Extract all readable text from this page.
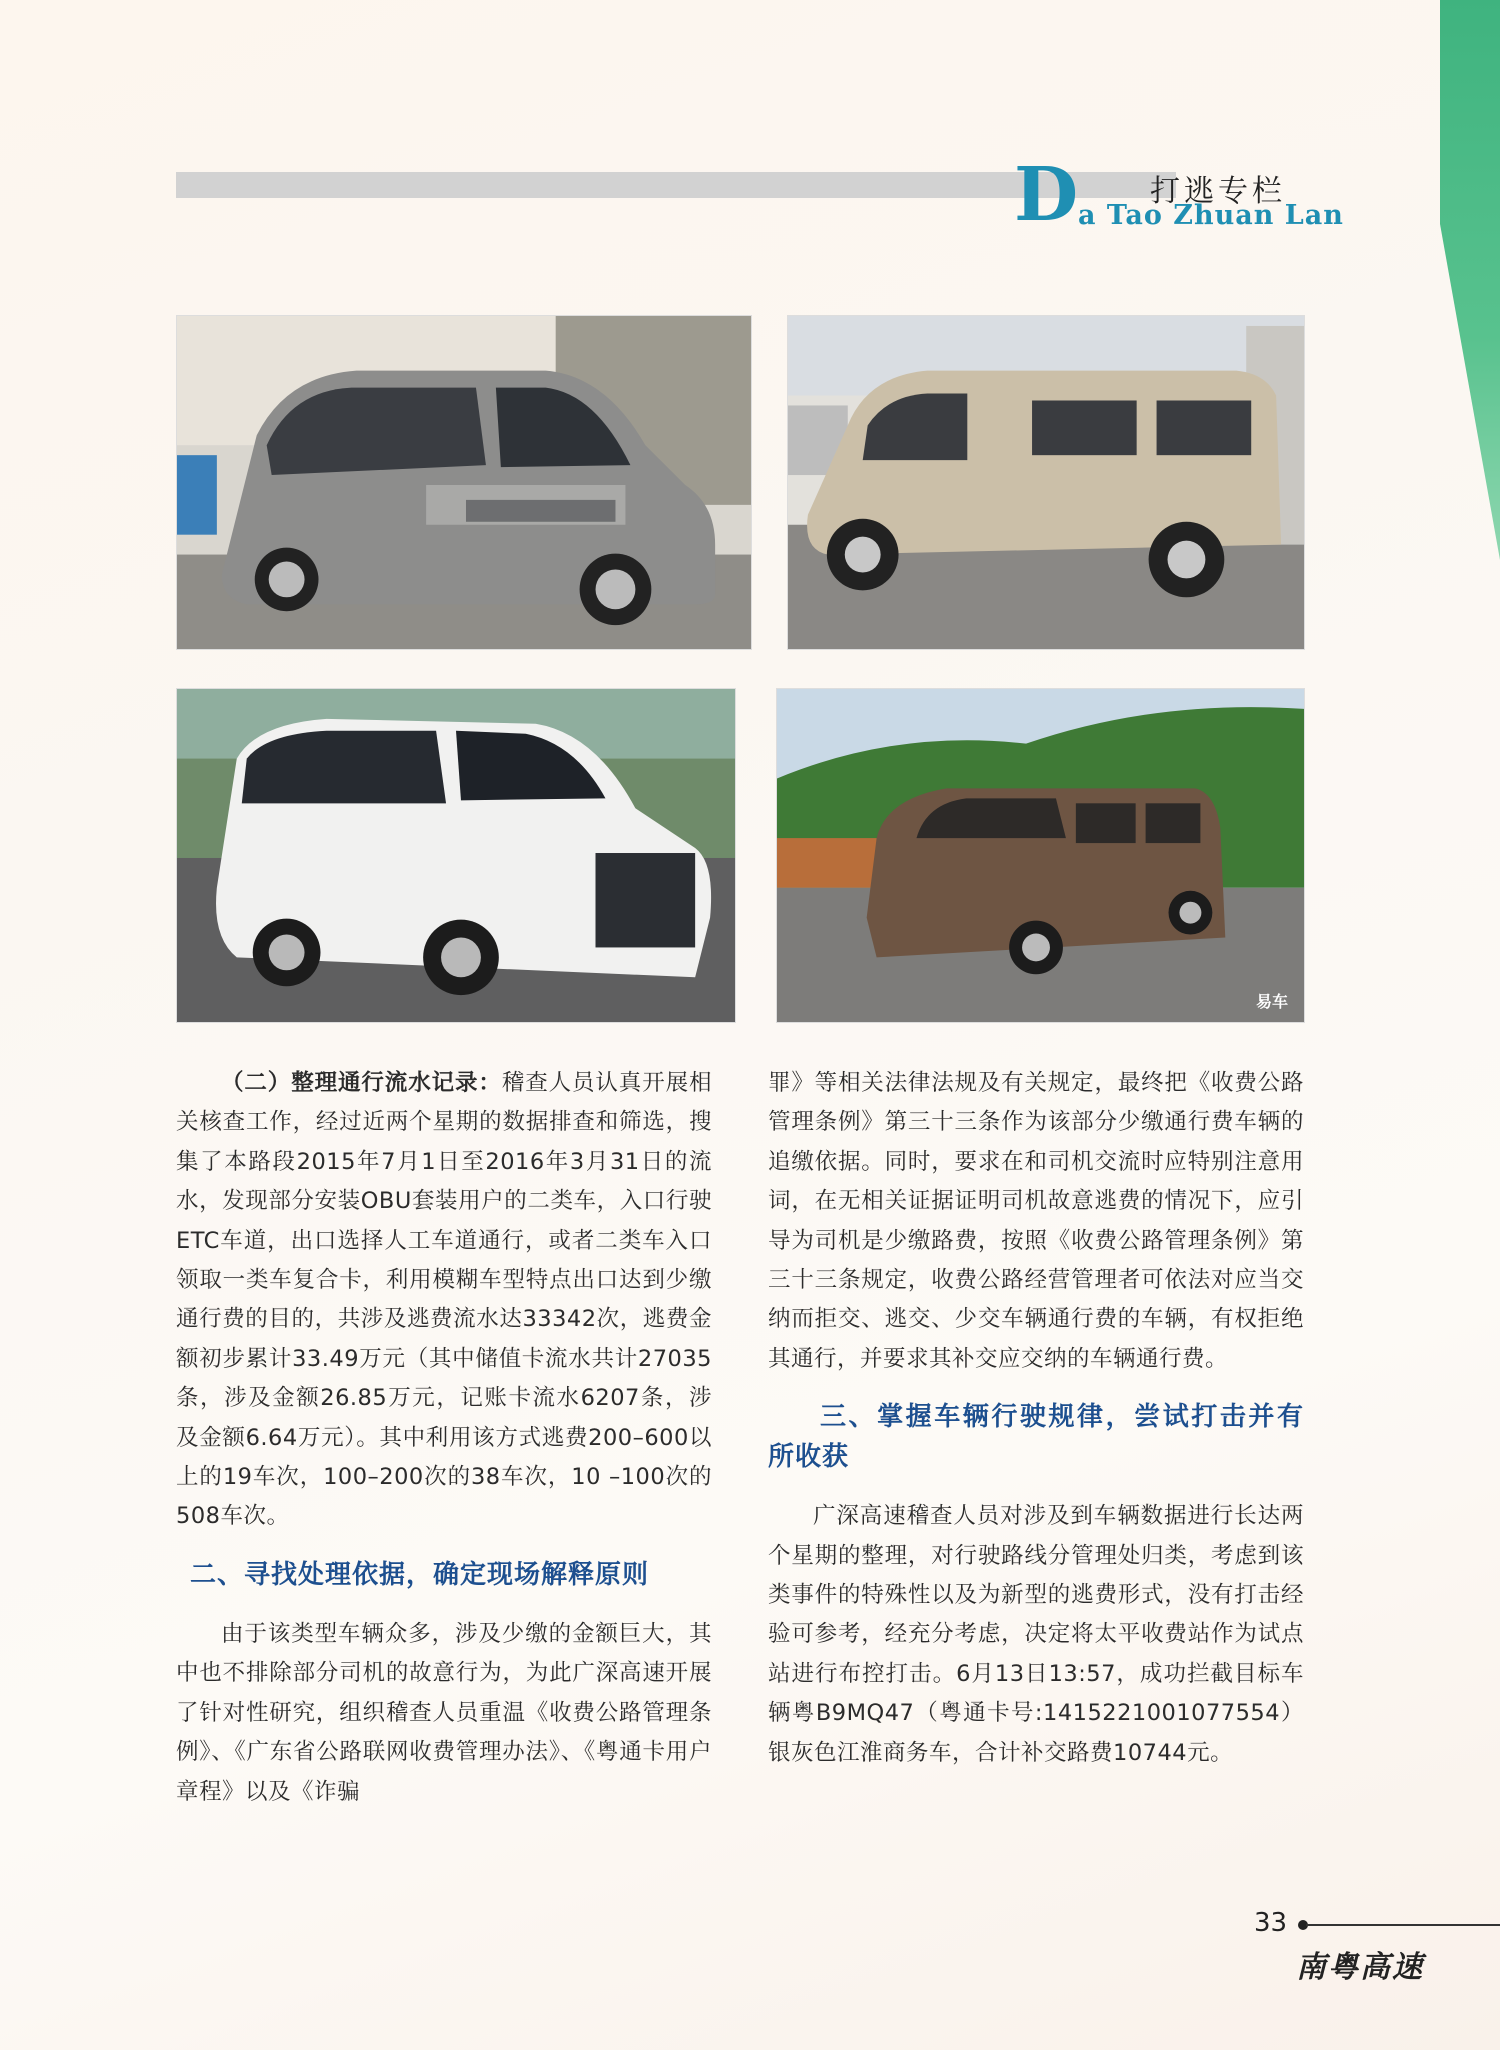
D 打逃专栏
a Tao Zhuan Lan
易车

（二）整理通行流水记录：稽查人员认真开展相关核查工作，经过近两个星期的数据排查和筛选，搜集了本路段2015年7月1日至2016年3月31日的流水，发现部分安装OBU套装用户的二类车，入口行驶ETC车道，出口选择人工车道通行，或者二类车入口领取一类车复合卡，利用模糊车型特点出口达到少缴通行费的目的，共涉及逃费流水达33342次，逃费金额初步累计33.49万元（其中储值卡流水共计27035条，涉及金额26.85万元，记账卡流水6207条，涉及金额6.64万元）。其中利用该方式逃费200–600以上的19车次，100–200次的38车次，10 –100次的508车次。

二、寻找处理依据，确定现场解释原则

由于该类型车辆众多，涉及少缴的金额巨大，其中也不排除部分司机的故意行为，为此广深高速开展了针对性研究，组织稽查人员重温《收费公路管理条例》、《广东省公路联网收费管理办法》、《粤通卡用户章程》以及《诈骗

罪》等相关法律法规及有关规定，最终把《收费公路管理条例》第三十三条作为该部分少缴通行费车辆的追缴依据。同时，要求在和司机交流时应特别注意用词，在无相关证据证明司机故意逃费的情况下，应引导为司机是少缴路费，按照《收费公路管理条例》第三十三条规定，收费公路经营管理者可依法对应当交纳而拒交、逃交、少交车辆通行费的车辆，有权拒绝其通行，并要求其补交应交纳的车辆通行费。

三、掌握车辆行驶规律，尝试打击并有所收获

广深高速稽查人员对涉及到车辆数据进行长达两个星期的整理，对行驶路线分管理处归类，考虑到该类事件的特殊性以及为新型的逃费形式，没有打击经验可参考，经充分考虑，决定将太平收费站作为试点站进行布控打击。6月13日13:57，成功拦截目标车辆粤B9MQ47（粤通卡号:1415221001077554）银灰色江淮商务车，合计补交路费10744元。

33
南粤高速
